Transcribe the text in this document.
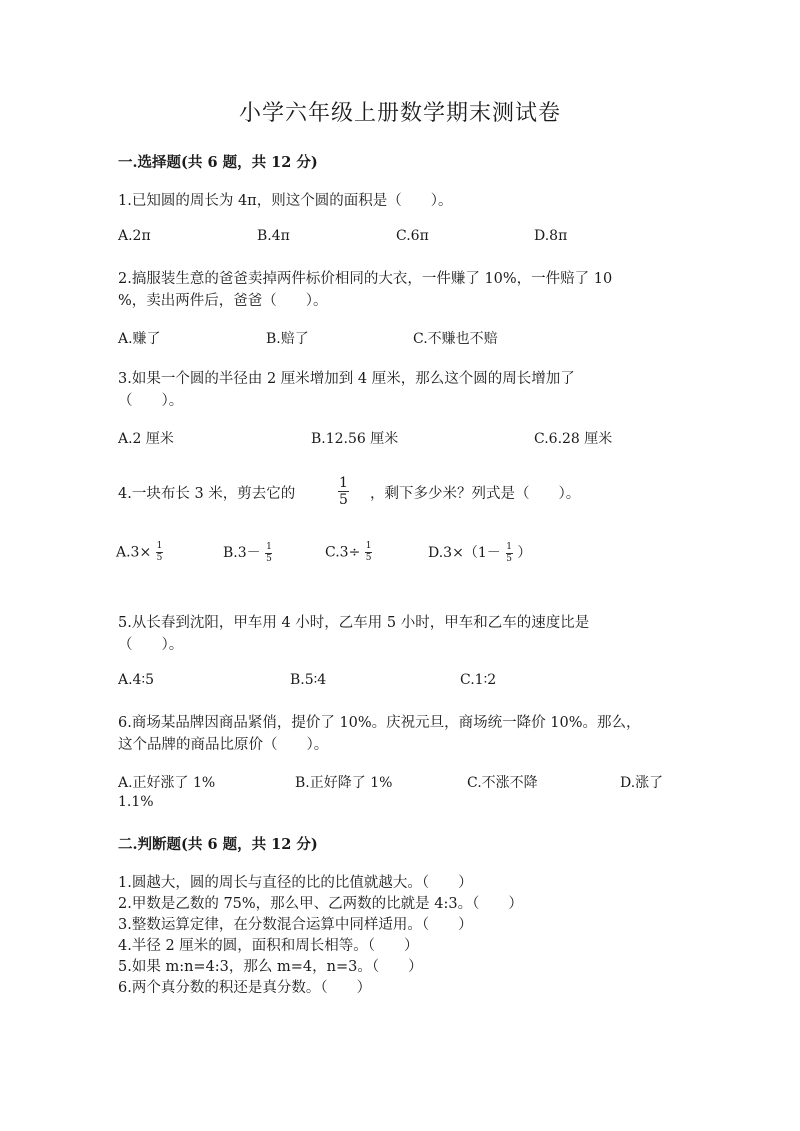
小学六年级上册数学期末测试卷
一.选择题(共 6 题，共 12 分)
1.已知圆的周长为 4π，则这个圆的面积是（　　）。
A.2π	B.4π	C.6π	D.8π
2.搞服装生意的爸爸卖掉两件标价相同的大衣，一件赚了 10%，一件赔了 10
%，卖出两件后，爸爸（　　）。
A.赚了	B.赔了	C.不赚也不赔
3.如果一个圆的半径由 2 厘米增加到 4 厘米，那么这个圆的周长增加了
（　　）。
A.2 厘米	B.12.56 厘米	C.6.28 厘米
4.一块布长 3 米，剪去它的	$\frac{1}{5}$ ，剩下多少米？列式是（　　）。
$A.3\times \frac{1}{5}$	$B.3- \frac{1}{5}$	$C.3\div \frac{1}{5}$	$D.3\times(1- \frac{1}{5}$ ）
5.从长春到沈阳，甲车用 4 小时，乙车用 5 小时，甲车和乙车的速度比是
（　　）。
A.4∶5	B.5∶4	C.1∶2
6.商场某品牌因商品紧俏，提价了 10%。庆祝元旦，商场统一降价 10%。那么，
这个品牌的商品比原价（　　）。
A.正好涨了 1%	B.正好降了 1%	C.不涨不降	D.涨了
1.1%
二.判断题(共 6 题，共 12 分)
1.圆越大，圆的周长与直径的比的比值就越大。（　　）
2.甲数是乙数的 75%，那么甲、乙两数的比就是 4:3。（　　）
3.整数运算定律，在分数混合运算中同样适用。（　　）
4.半径 2 厘米的圆，面积和周长相等。（　　）
5.如果 m:n=4:3，那么 m=4，n=3。（　　）
6.两个真分数的积还是真分数。（　　）
